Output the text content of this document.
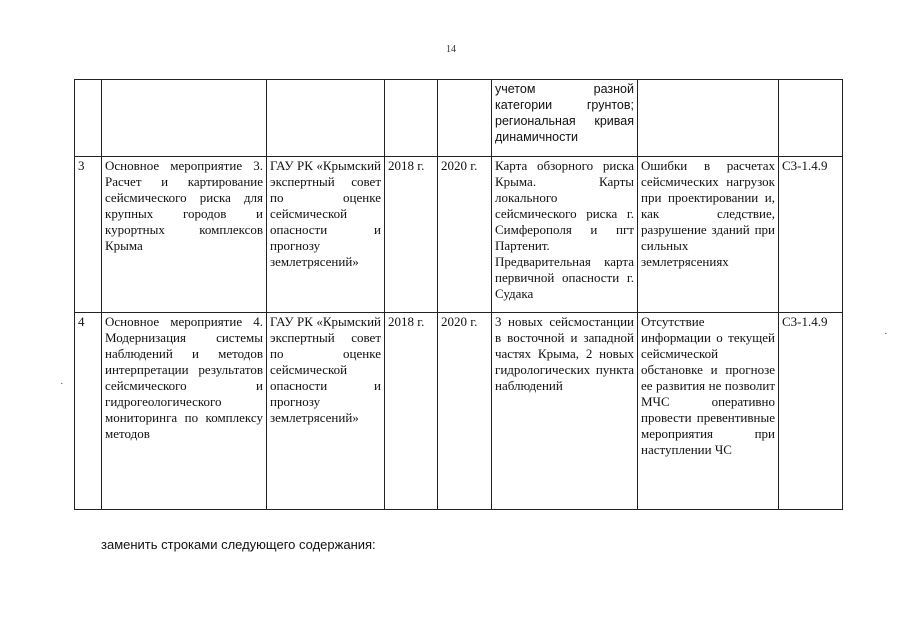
14
					учетом разной категории грунтов; региональная кривая динамичности		
3	Основное мероприятие 3. Расчет и картирование сейсмического риска для крупных городов и курортных комплексов Крыма	ГАУ РК «Крымский экспертный совет по оценке сейсмической опасности и прогнозу землетрясений»	2018 г.	2020 г.	Карта обзорного риска Крыма. Карты локального сейсмического риска г. Симферополя и пгт Партенит. Предварительная карта первичной опасности г. Судака	Ошибки в расчетах сейсмических нагрузок при проектировании и, как следствие, разрушение зданий при сильных землетрясениях	С3-1.4.9
4	Основное мероприятие 4. Модернизация системы наблюдений и методов интерпретации результатов сейсмического и гидрогеологического мониторинга по комплексу методов	ГАУ РК «Крымский экспертный совет по оценке сейсмической опасности и прогнозу землетрясений»	2018 г.	2020 г.	3 новых сейсмостанции в восточной и западной частях Крыма, 2 новых гидрологических пункта наблюдений	Отсутствие информации о текущей сейсмической обстановке и прогнозе ее развития не позволит МЧС оперативно провести превентивные мероприятия при наступлении ЧС	С3-1.4.9
·
·
заменить строками следующего содержания:
